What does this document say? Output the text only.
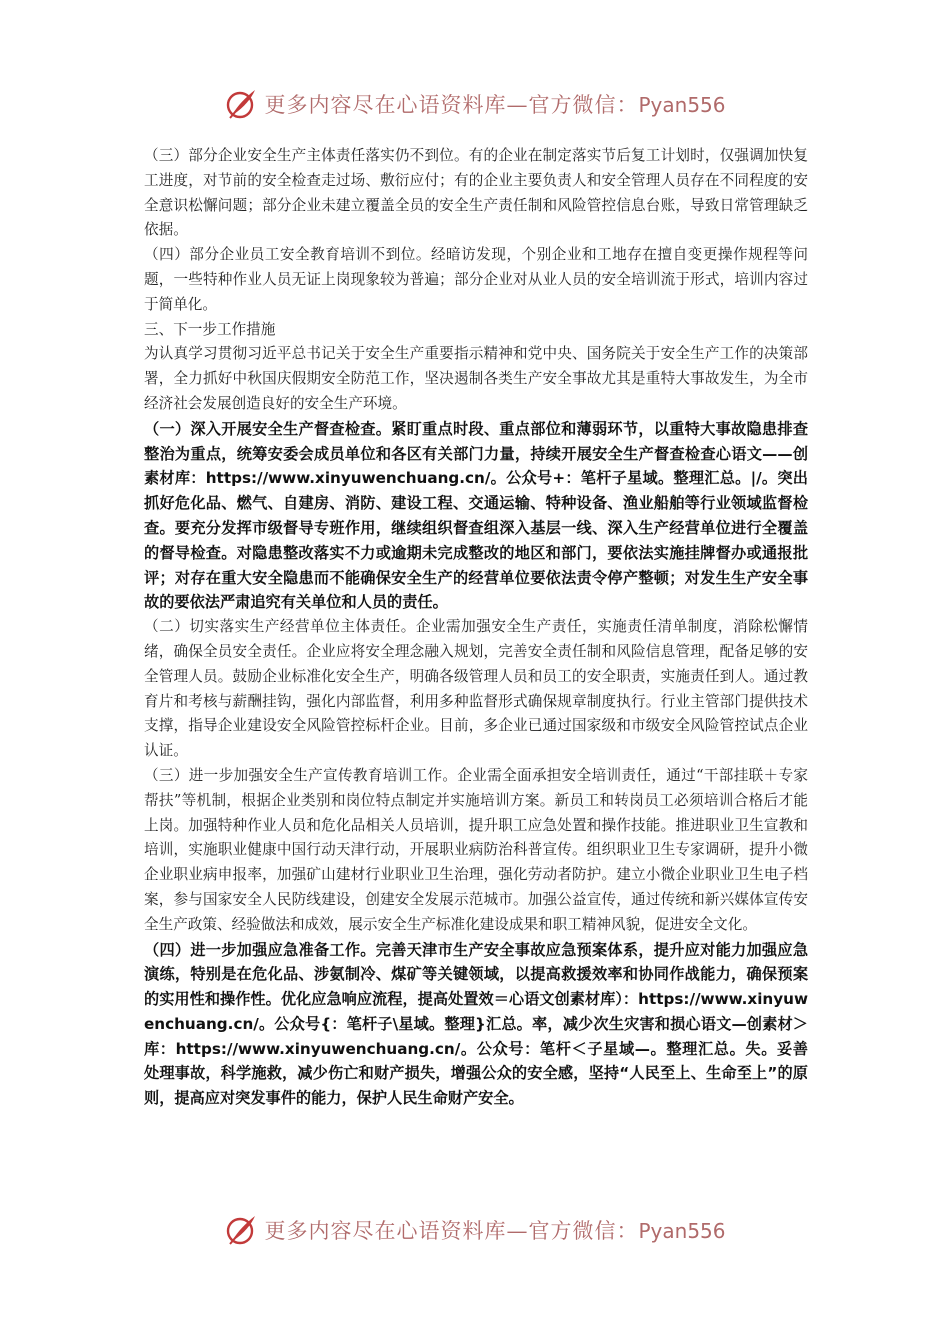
更多内容尽在心语资料库—官方微信：Pyan556

（三）部分企业安全生产主体责任落实仍不到位。有的企业在制定落实节后复工计划时，仅强调加快复工进度，对节前的安全检查走过场、敷衍应付；有的企业主要负责人和安全管理人员存在不同程度的安全意识松懈问题；部分企业未建立覆盖全员的安全生产责任制和风险管控信息台账，导致日常管理缺乏依据。

（四）部分企业员工安全教育培训不到位。经暗访发现，个别企业和工地存在擅自变更操作规程等问题，一些特种作业人员无证上岗现象较为普遍；部分企业对从业人员的安全培训流于形式，培训内容过于简单化。

三、下一步工作措施

为认真学习贯彻习近平总书记关于安全生产重要指示精神和党中央、国务院关于安全生产工作的决策部署，全力抓好中秋国庆假期安全防范工作，坚决遏制各类生产安全事故尤其是重特大事故发生，为全市经济社会发展创造良好的安全生产环境。

（一）深入开展安全生产督查检查。紧盯重点时段、重点部位和薄弱环节，以重特大事故隐患排查整治为重点，统筹安委会成员单位和各区有关部门力量，持续开展安全生产督查检查心语文——创素材库：https://www.xinyuwenchuang.cn/。公众号+：笔杆子星域。整理汇总。|/。突出抓好危化品、燃气、自建房、消防、建设工程、交通运输、特种设备、渔业船舶等行业领域监督检查。要充分发挥市级督导专班作用，继续组织督查组深入基层一线、深入生产经营单位进行全覆盖的督导检查。对隐患整改落实不力或逾期未完成整改的地区和部门，要依法实施挂牌督办或通报批评；对存在重大安全隐患而不能确保安全生产的经营单位要依法责令停产整顿；对发生生产安全事故的要依法严肃追究有关单位和人员的责任。

（二）切实落实生产经营单位主体责任。企业需加强安全生产责任，实施责任清单制度，消除松懈情绪，确保全员安全责任。企业应将安全理念融入规划，完善安全责任制和风险信息管理，配备足够的安全管理人员。鼓励企业标准化安全生产，明确各级管理人员和员工的安全职责，实施责任到人。通过教育片和考核与薪酬挂钩，强化内部监督，利用多种监督形式确保规章制度执行。行业主管部门提供技术支撑，指导企业建设安全风险管控标杆企业。目前，多企业已通过国家级和市级安全风险管控试点企业认证。

（三）进一步加强安全生产宣传教育培训工作。企业需全面承担安全培训责任，通过“干部挂联＋专家帮扶”等机制，根据企业类别和岗位特点制定并实施培训方案。新员工和转岗员工必须培训合格后才能上岗。加强特种作业人员和危化品相关人员培训，提升职工应急处置和操作技能。推进职业卫生宣教和培训，实施职业健康中国行动天津行动，开展职业病防治科普宣传。组织职业卫生专家调研，提升小微企业职业病申报率，加强矿山建材行业职业卫生治理，强化劳动者防护。建立小微企业职业卫生电子档案，参与国家安全人民防线建设，创建安全发展示范城市。加强公益宣传，通过传统和新兴媒体宣传安全生产政策、经验做法和成效，展示安全生产标准化建设成果和职工精神风貌，促进安全文化。

（四）进一步加强应急准备工作。完善天津市生产安全事故应急预案体系，提升应对能力加强应急演练，特别是在危化品、涉氨制冷、煤矿等关键领域，以提高救援效率和协同作战能力，确保预案的实用性和操作性。优化应急响应流程，提高处置效＝心语文创素材库）：https://www.xinyuwenchuang.cn/。公众号{：笔杆子\星域。整理}汇总。率，减少次生灾害和损心语文—创素材＞库：https://www.xinyuwenchuang.cn/。公众号：笔杆＜子星域—。整理汇总。失。妥善处理事故，科学施救，减少伤亡和财产损失，增强公众的安全感，坚持“人民至上、生命至上”的原则，提高应对突发事件的能力，保护人民生命财产安全。

更多内容尽在心语资料库—官方微信：Pyan556
